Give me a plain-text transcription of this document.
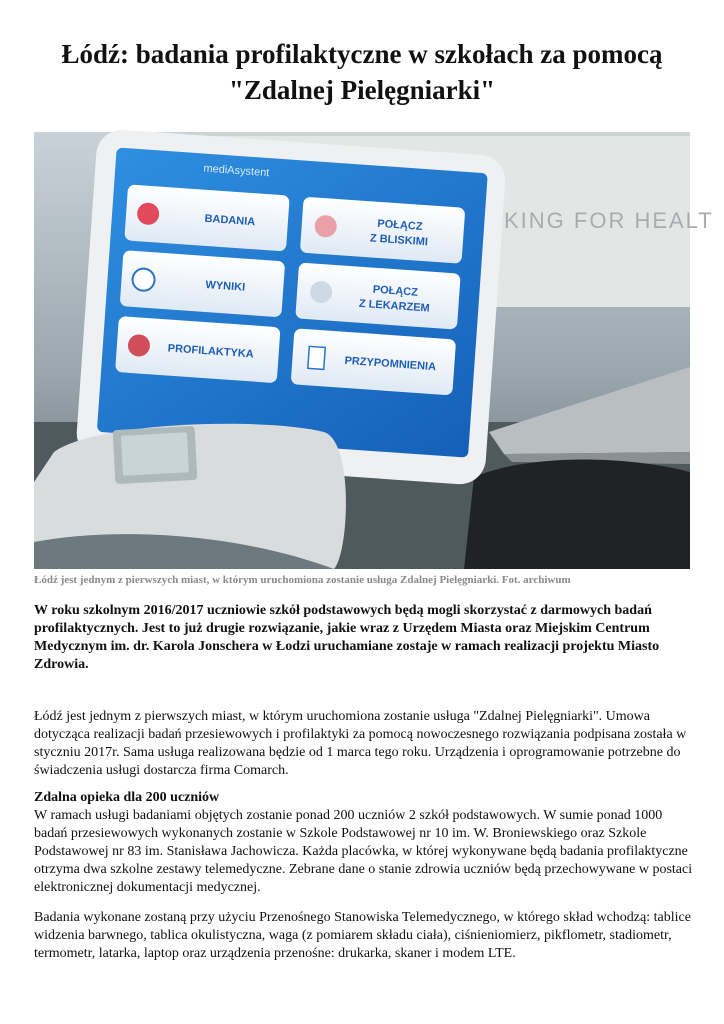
Łódź: badania profilaktyczne w szkołach za pomocą "Zdalnej Pielęgniarki"
KING FOR HEALT
mediAsystent
BADANIA	POŁĄCZ
Z BLISKIMI
WYNIKI	POŁĄCZ
Z LEKARZEM
PROFILAKTYKA
PRZYPOMNIENIA
Łódź jest jednym z pierwszych miast, w którym uruchomiona zostanie usługa Zdalnej Pielęgniarki. Fot. archiwum

W roku szkolnym 2016/2017 uczniowie szkół podstawowych będą mogli skorzystać z darmowych badań profilaktycznych. Jest to już drugie rozwiązanie, jakie wraz z Urzędem Miasta oraz Miejskim Centrum Medycznym im. dr. Karola Jonschera w Łodzi uruchamiane zostaje w ramach realizacji projektu Miasto Zdrowia.

Łódź jest jednym z pierwszych miast, w którym uruchomiona zostanie usługa "Zdalnej Pielęgniarki". Umowa dotycząca realizacji badań przesiewowych i profilaktyki za pomocą nowoczesnego rozwiązania podpisana została w styczniu 2017r. Sama usługa realizowana będzie od 1 marca tego roku. Urządzenia i oprogramowanie potrzebne do świadczenia usługi dostarcza firma Comarch.

Zdalna opieka dla 200 uczniów

W ramach usługi badaniami objętych zostanie ponad 200 uczniów 2 szkół podstawowych. W sumie ponad 1000 badań przesiewowych wykonanych zostanie w Szkole Podstawowej nr 10 im. W. Broniewskiego oraz Szkole Podstawowej nr 83 im. Stanisława Jachowicza. Każda placówka, w której wykonywane będą badania profilaktyczne otrzyma dwa szkolne zestawy telemedyczne. Zebrane dane o stanie zdrowia uczniów będą przechowywane w postaci elektronicznej dokumentacji medycznej.

Badania wykonane zostaną przy użyciu Przenośnego Stanowiska Telemedycznego, w którego skład wchodzą: tablice widzenia barwnego, tablica okulistyczna, waga (z pomiarem składu ciała), ciśnieniomierz, pikflometr, stadiometr, termometr, latarka, laptop oraz urządzenia przenośne: drukarka, skaner i modem LTE.
